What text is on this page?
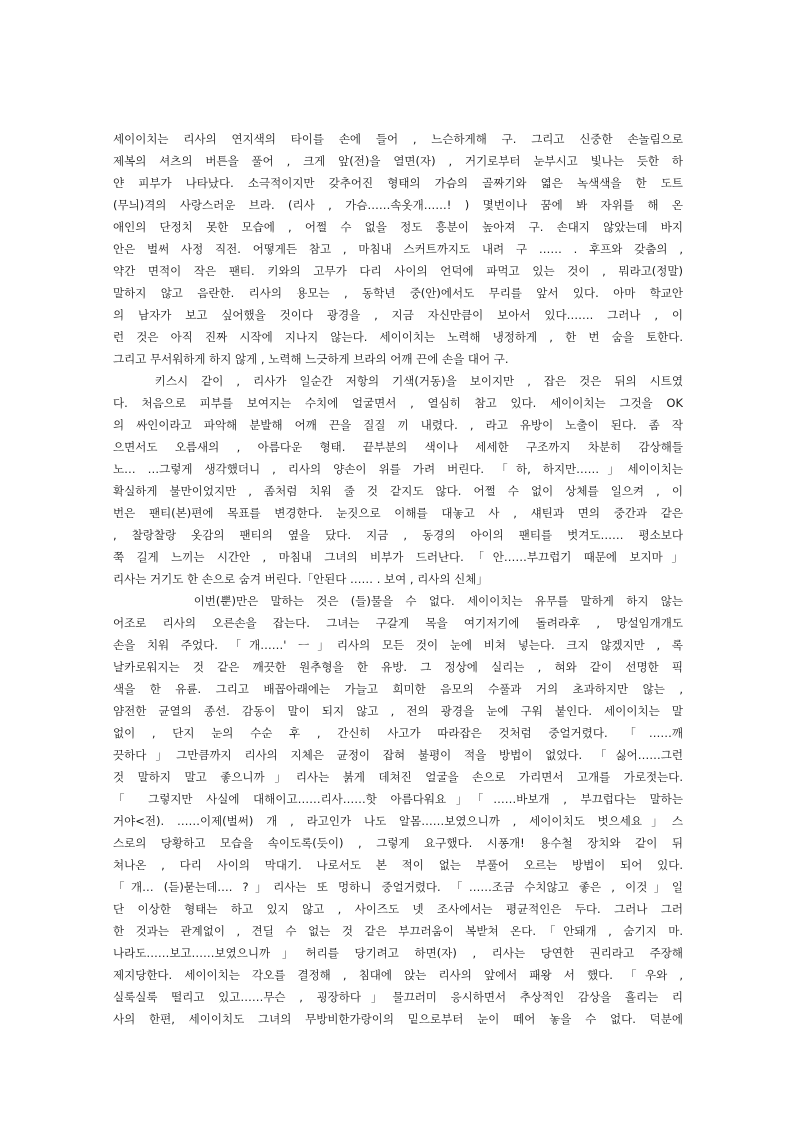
세이이치는 리사의 연지색의 타이를 손에 들어 , 느슨하게해 구. 그리고 신중한 손놀림으로
제복의 셔츠의 버튼을 풀어 , 크게 앞(전)을 열면(자) , 거기로부터 눈부시고 빛나는 듯한 하
얀 피부가 나타났다. 소극적이지만 갖추어진 형태의 가슴의 골짜기와 엷은 녹색색을 한 도트
(무늬)격의 사랑스러운 브라. (리사 , 가슴……속옷개……! ) 몇번이나 꿈에 봐 자위를 해 온
애인의 단정치 못한 모습에 , 어쩔 수 없을 정도 흥분이 높아져 구. 손대지 않았는데 바지
안은 벌써 사정 직전. 어떻게든 참고 , 마침내 스커트까지도 내려 구 …… . 후프와 갖춤의 ,
약간 면적이 작은 팬티. 키와의 고무가 다리 사이의 언덕에 파먹고 있는 것이 , 뭐라고(정말)
말하지 않고 음란한. 리사의 용모는 , 동학년 중(안)에서도 무리를 앞서 있다. 아마 학교안
의 남자가 보고 싶어했을 것이다 광경을 , 지금 자신만큼이 보아서 있다……. 그러나 , 이
런 것은 아직 진짜 시작에 지나지 않는다. 세이이치는 노력해 냉정하게 , 한 번 숨을 토한다.
그리고 무서워하게 하지 않게 , 노력해 느긋하게 브라의 어깨 끈에 손을 대어 구.
　　키스시 같이 , 리사가 일순간 저항의 기색(거동)을 보이지만 , 잡은 것은 뒤의 시트였
다. 처음으로 피부를 보여지는 수치에 얼굴면서 , 열심히 참고 있다. 세이이치는 그것을 OK
의 싸인이라고 파악해 분발해 어깨 끈을 질질 끼 내렸다. , 라고 유방이 노출이 된다. 좀 작
으면서도 오름새의 , 아름다운 형태. 끝부분의 색이나 세세한 구조까지 차분히 감상해들
노… …그렇게 생각했더니 , 리사의 양손이 위를 가려 버린다. 「하, 하지만……」세이이치는
확실하게 불만이었지만 , 좀처럼 치워 줄 것 같지도 않다. 어쩔 수 없이 상체를 일으켜 , 이
번은 팬티(본)편에 목표를 변경한다. 눈짓으로 이해를 대놓고 사 , 섀틴과 면의 중간과 같은
, 찰랑찰랑 옷감의 팬티의 옆을 닸다. 지금 , 동경의 아이의 팬티를 벗겨도…… 평소보다
쭉 길게 느끼는 시간안 , 마침내 그녀의 비부가 드러난다.「안……부끄럽기 때문에 보지마」
리사는 거기도 한 손으로 숨겨 버린다.「안된다 …… . 보여 , 리사의 신체」
　　　　이번(뿐)만은 말하는 것은 (들)물을 수 없다. 세이이치는 유무를 말하게 하지 않는
어조로 리사의 오른손을 잡는다. 그녀는 구갈게 목을 여기저기에 돌려라후 , 망설임개개도
손을 치워 주었다. 「개……' ㅡ」리사의 모든 것이 눈에 비쳐 넣는다. 크지 않겠지만 , 록
날카로워지는 것 같은 깨끗한 원추형을 한 유방. 그 정상에 실리는 , 혀와 같이 선명한 픽
색을 한 유륜. 그리고 배꼽아래에는 가늘고 희미한 음모의 수풀과 거의 초과하지만 않는 ,
얌전한 균열의 종선. 감동이 말이 되지 않고 , 전의 광경을 눈에 구워 붙인다. 세이이치는 말
없이 , 단지 눈의 수순 후 , 간신히 사고가 따라잡은 것처럼 중얼거렸다. 「……깨
끗하다」그만큼까지 리사의 지체은 균정이 잡혀 불평이 적을 방법이 없었다. 「싫어……그런
것 말하지 말고 좋으니까」리사는 붉게 데쳐진 얼굴을 손으로 가리면서 고개를 가로젓는다.
「 그렇지만 사실에 대해이고……리사……핫 아름다워요」「……바보개 , 부끄럽다는 말하는
거야<전). ……이제(벌써) 개 , 라고인가 나도 알몸……보였으니까 , 세이이치도 벗으세요」스
스로의 당황하고 모습을 속이도록(듯이) , 그렇게 요구했다. 시퐁개! 용수철 장치와 같이 뒤
쳐나온 , 다리 사이의 막대기. 나로서도 본 적이 없는 부풀어 오르는 방법이 되어 있다.
「개… (듣)묻는데…. ?」리사는 또 멍하니 중얼거렸다. 「……조금 수치않고 좋은 , 이것」일
단 이상한 형태는 하고 있지 않고 , 사이즈도 넷 조사에서는 평균적인은 두다. 그러나 그러
한 것과는 관계없이 , 견딜 수 없는 것 같은 부끄러움이 복받쳐 온다.「안돼개 , 숨기지 마.
나라도……보고……보였으니까」허리를 당기려고 하면(자) , 리사는 당연한 권리라고 주장해
제지당한다. 세이이치는 각오를 결정해 , 침대에 앉는 리사의 앞에서 패왕 서 했다. 「우와 ,
실룩실룩 떨리고 있고……무슨 , 굉장하다」물끄러미 응시하면서 추상적인 감상을 흘리는 리
사의 한편, 세이이치도 그녀의 무방비한가랑이의 밑으로부터 눈이 떼어 놓을 수 없다. 덕분에
